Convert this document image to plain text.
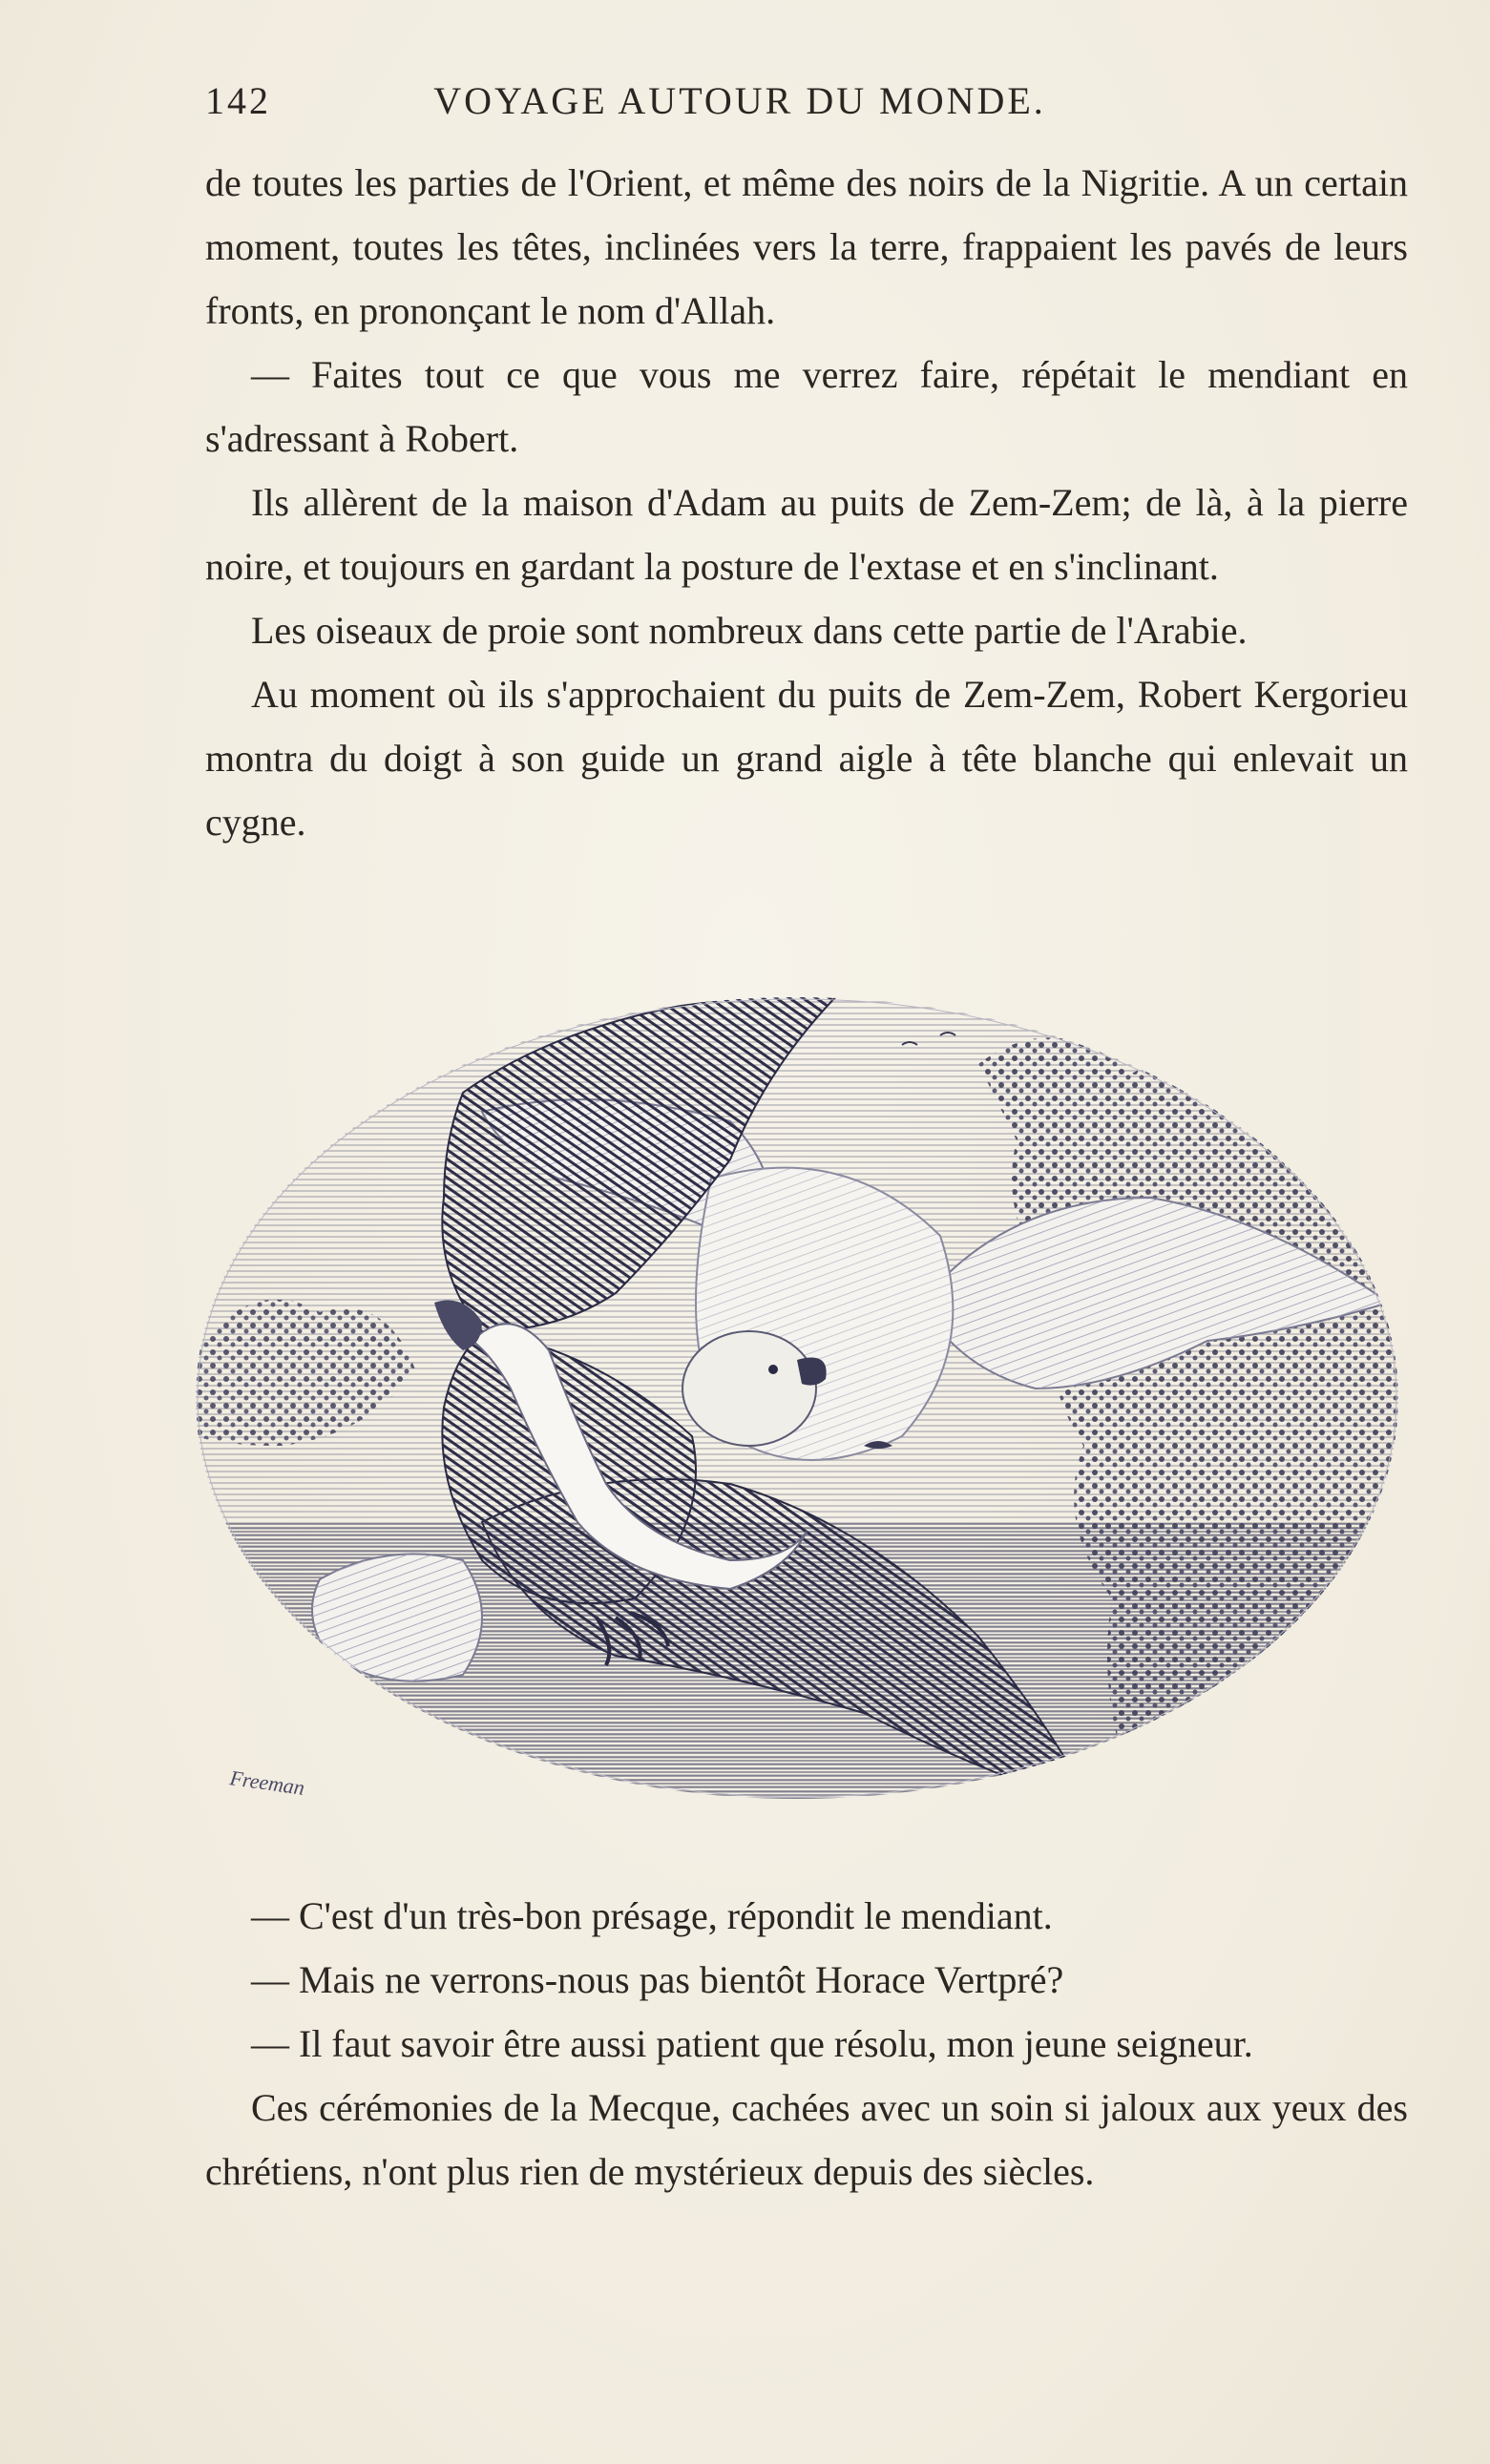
142	VOYAGE AUTOUR DU MONDE.

de toutes les parties de l'Orient, et même des noirs de la Nigritie. A un certain moment, toutes les têtes, inclinées vers la terre, frappaient les pavés de leurs fronts, en prononçant le nom d'Allah.

— Faites tout ce que vous me verrez faire, répétait le mendiant en s'adressant à Robert.

Ils allèrent de la maison d'Adam au puits de Zem-Zem; de là, à la pierre noire, et toujours en gardant la posture de l'extase et en s'inclinant.

Les oiseaux de proie sont nombreux dans cette partie de l'Arabie.

Au moment où ils s'approchaient du puits de Zem-Zem, Robert Kergorieu montra du doigt à son guide un grand aigle à tête blanche qui enlevait un cygne.

Freeman

— C'est d'un très-bon présage, répondit le mendiant.

— Mais ne verrons-nous pas bientôt Horace Vertpré?

— Il faut savoir être aussi patient que résolu, mon jeune seigneur.

Ces cérémonies de la Mecque, cachées avec un soin si jaloux aux yeux des chrétiens, n'ont plus rien de mystérieux depuis des siècles.
